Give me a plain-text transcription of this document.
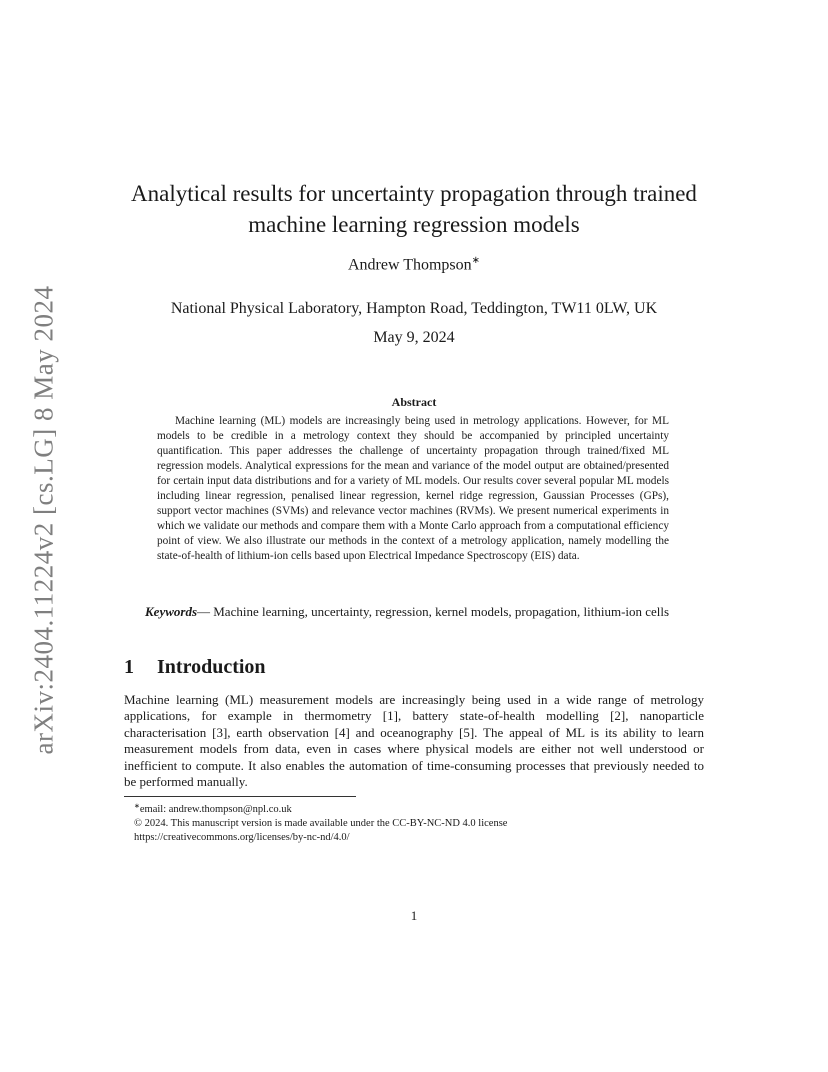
arXiv:2404.11224v2 [cs.LG] 8 May 2024
Analytical results for uncertainty propagation through trained machine learning regression models
Andrew Thompson∗
National Physical Laboratory, Hampton Road, Teddington, TW11 0LW, UK
May 9, 2024
Abstract

Machine learning (ML) models are increasingly being used in metrology applications. However, for ML models to be credible in a metrology context they should be accompanied by principled uncertainty quantification. This paper addresses the challenge of uncertainty propagation through trained/fixed ML regression models. Analytical expressions for the mean and variance of the model output are obtained/presented for certain input data distributions and for a variety of ML models. Our results cover several popular ML models including linear regression, penalised linear regression, kernel ridge regression, Gaussian Processes (GPs), support vector machines (SVMs) and relevance vector machines (RVMs). We present numerical experiments in which we validate our methods and compare them with a Monte Carlo approach from a computational efficiency point of view. We also illustrate our methods in the context of a metrology application, namely modelling the state-of-health of lithium-ion cells based upon Electrical Impedance Spectroscopy (EIS) data.

Keywords— Machine learning, uncertainty, regression, kernel models, propagation, lithium-ion cells

1 Introduction

Machine learning (ML) measurement models are increasingly being used in a wide range of metrology applications, for example in thermometry [1], battery state-of-health modelling [2], nanoparticle characterisation [3], earth observation [4] and oceanography [5]. The appeal of ML is its ability to learn measurement models from data, even in cases where physical models are either not well understood or inefficient to compute. It also enables the automation of time-consuming processes that previously needed to be performed manually.

∗email: andrew.thompson@npl.co.uk
© 2024. This manuscript version is made available under the CC-BY-NC-ND 4.0 license
https://creativecommons.org/licenses/by-nc-nd/4.0/
1
